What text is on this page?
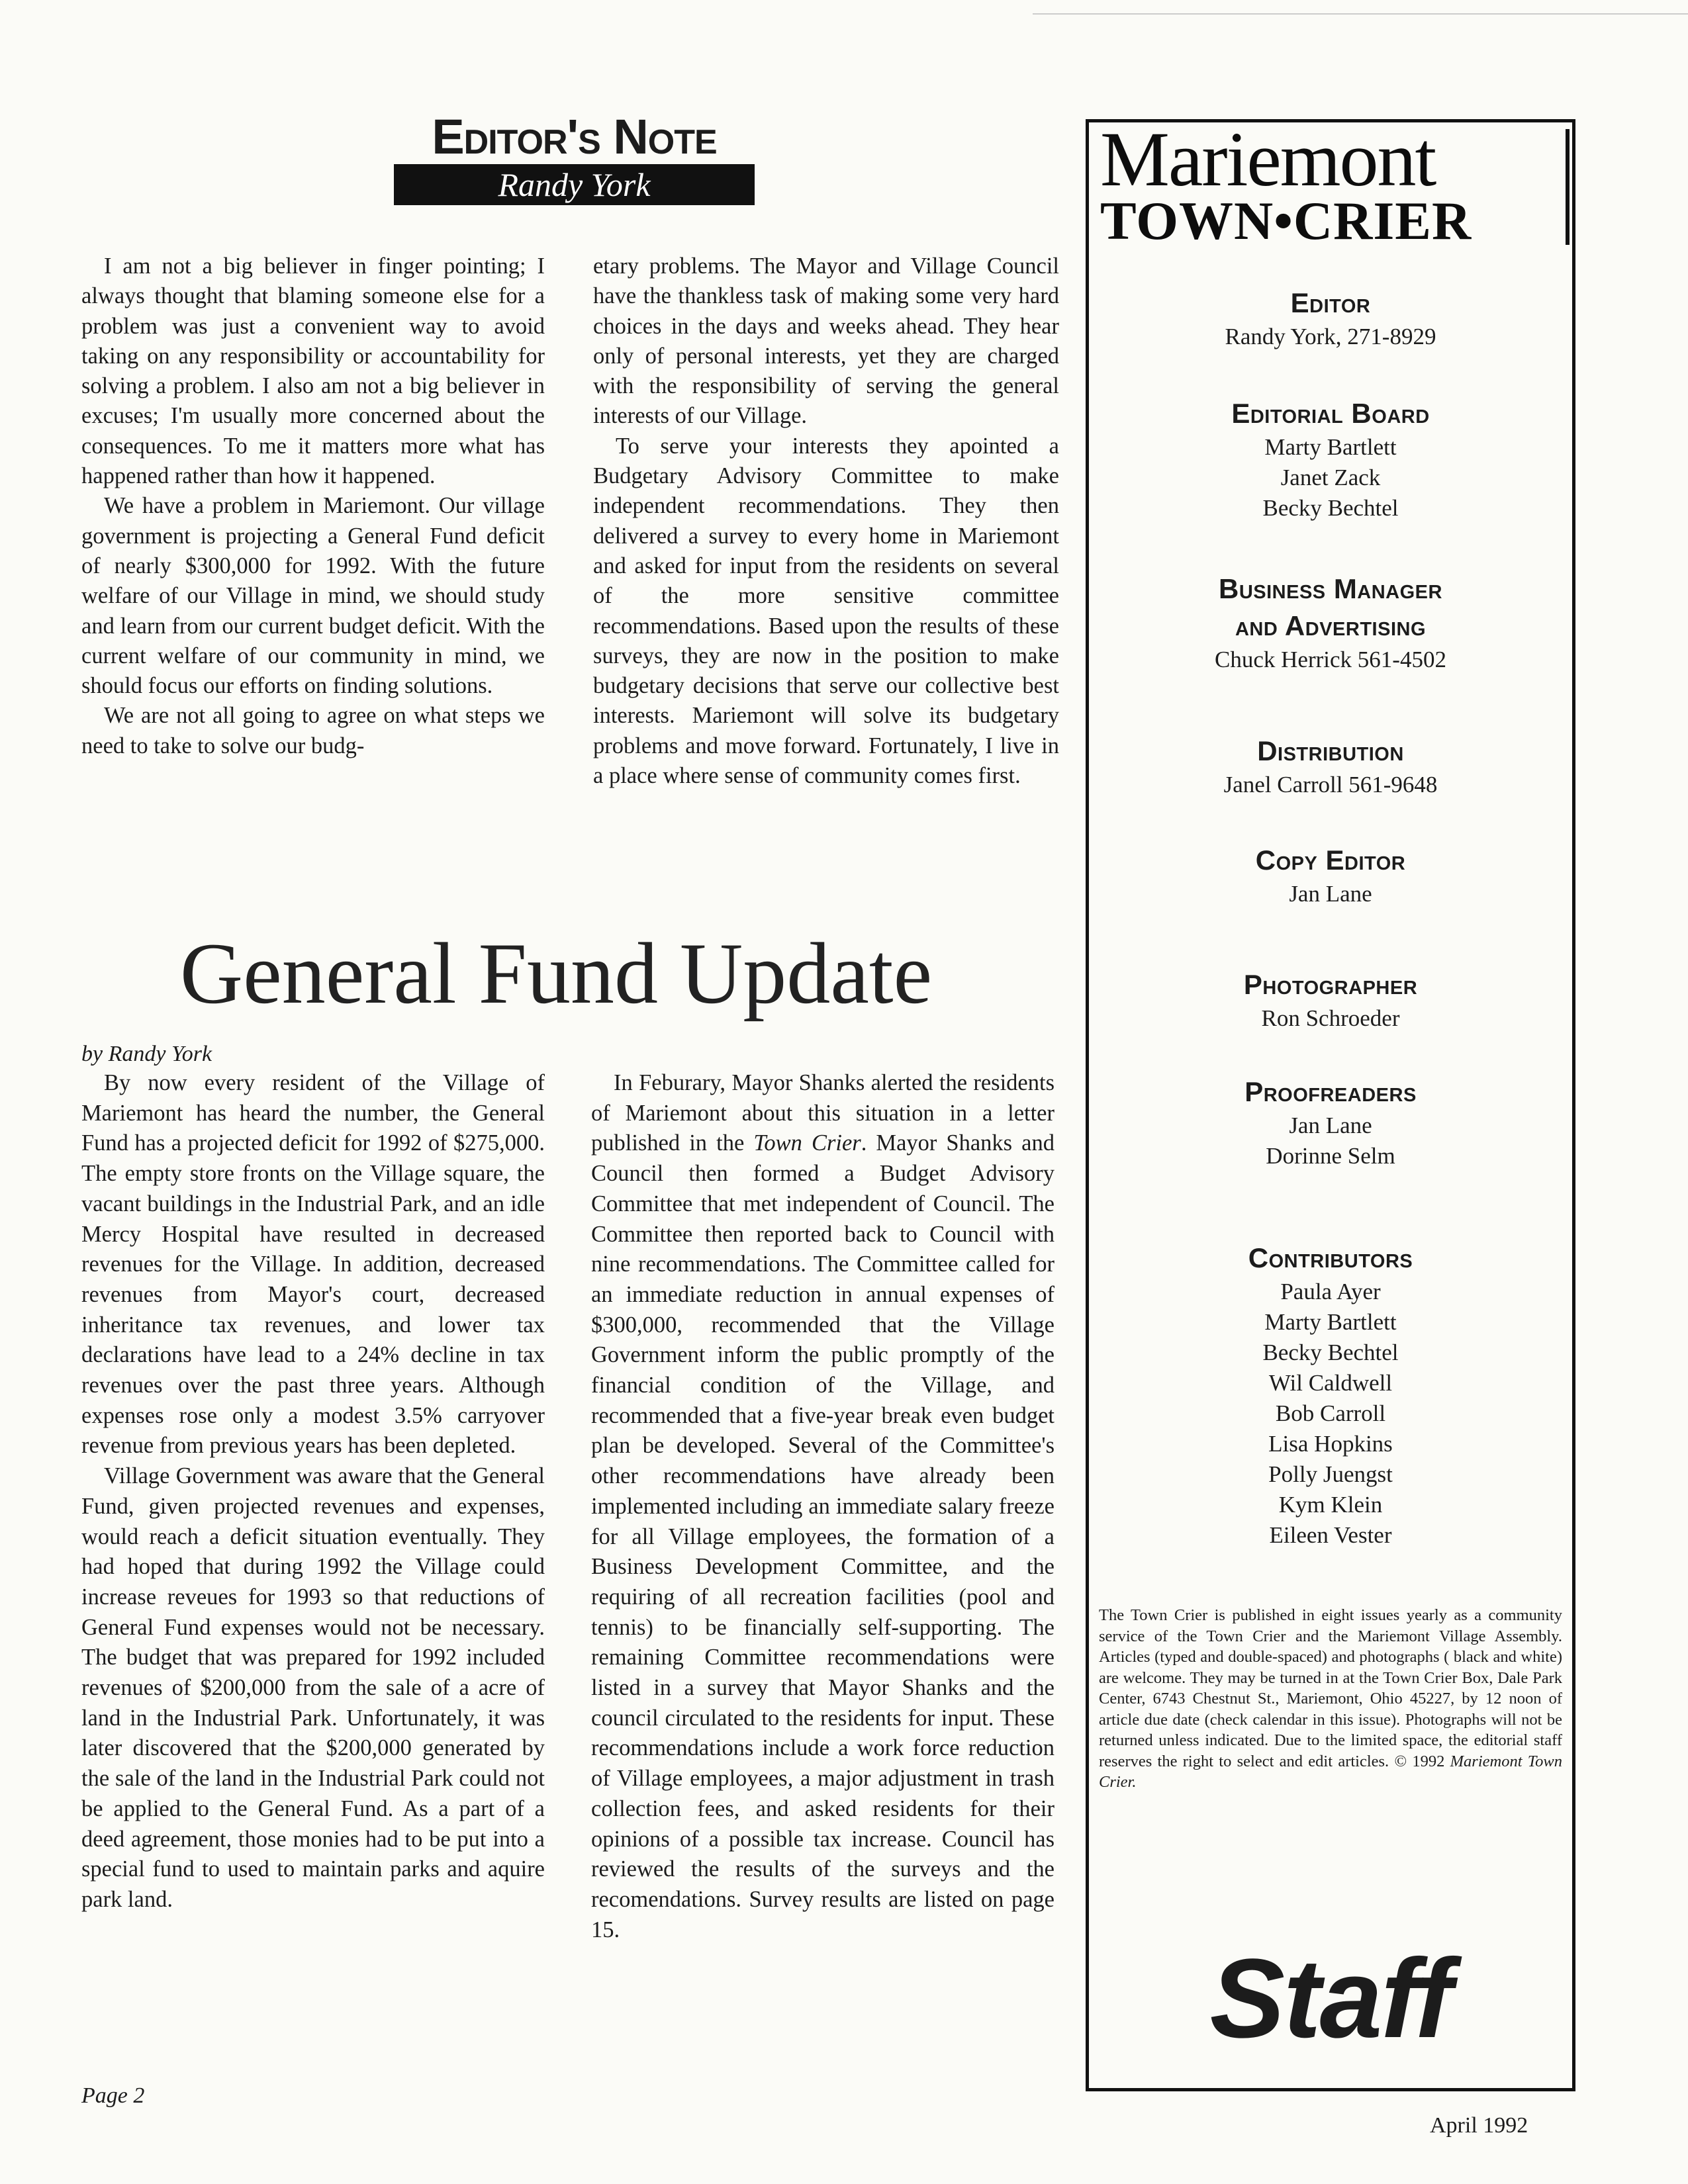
Editor's Note
Randy York

I am not a big believer in finger pointing; I always thought that blaming someone else for a problem was just a convenient way to avoid taking on any responsibility or accountability for solving a problem. I also am not a big believer in excuses; I'm usually more concerned about the consequences. To me it matters more what has happened rather than how it happened.

We have a problem in Mariemont. Our village government is projecting a General Fund deficit of nearly $300,000 for 1992. With the future welfare of our Village in mind, we should study and learn from our current budget deficit. With the current welfare of our community in mind, we should focus our efforts on finding solutions.

We are not all going to agree on what steps we need to take to solve our budg-

etary problems. The Mayor and Village Council have the thankless task of making some very hard choices in the days and weeks ahead. They hear only of personal interests, yet they are charged with the responsibility of serving the general interests of our Village.

To serve your interests they apointed a Budgetary Advisory Committee to make independent recommendations. They then delivered a survey to every home in Mariemont and asked for input from the residents on several of the more sensitive committee recommendations. Based upon the results of these surveys, they are now in the position to make budgetary decisions that serve our collective best interests. Mariemont will solve its budgetary problems and move forward. Fortunately, I live in a place where sense of community comes first.

General Fund Update
by Randy York

By now every resident of the Village of Mariemont has heard the number, the General Fund has a projected deficit for 1992 of $275,000. The empty store fronts on the Village square, the vacant buildings in the Industrial Park, and an idle Mercy Hospital have resulted in decreased revenues for the Village. In addition, decreased revenues from Mayor's court, decreased inheritance tax revenues, and lower tax declarations have lead to a 24% decline in tax revenues over the past three years. Although expenses rose only a modest 3.5% carryover revenue from previous years has been depleted.

Village Government was aware that the General Fund, given projected revenues and expenses, would reach a deficit situation eventually. They had hoped that during 1992 the Village could increase reveues for 1993 so that reductions of General Fund expenses would not be necessary. The budget that was prepared for 1992 included revenues of $200,000 from the sale of a acre of land in the Industrial Park. Unfortunately, it was later discovered that the $200,000 generated by the sale of the land in the Industrial Park could not be applied to the General Fund. As a part of a deed agreement, those monies had to be put into a special fund to used to maintain parks and aquire park land.

In Feburary, Mayor Shanks alerted the residents of Mariemont about this situation in a letter published in the Town Crier. Mayor Shanks and Council then formed a Budget Advisory Committee that met independent of Council. The Committee then reported back to Council with nine recommendations. The Committee called for an immediate reduction in annual expenses of $300,000, recommended that the Village Government inform the public promptly of the financial condition of the Village, and recommended that a five-year break even budget plan be developed. Several of the Committee's other recommendations have already been implemented including an immediate salary freeze for all Village employees, the formation of a Business Development Committee, and the requiring of all recreation facilities (pool and tennis) to be financially self-supporting. The remaining Committee recommendations were listed in a survey that Mayor Shanks and the council circulated to the residents for input. These recommendations include a work force reduction of Village employees, a major adjustment in trash collection fees, and asked residents for their opinions of a possible tax increase. Council has reviewed the results of the surveys and the recomendations. Survey results are listed on page 15.

Page 2
April 1992
Mariemont
TOWN•CRIER
Editor
Randy York, 271-8929
Editorial Board
Marty Bartlett
Janet Zack
Becky Bechtel
Business Manager
and Advertising
Chuck Herrick 561-4502
Distribution
Janel Carroll 561-9648
Copy Editor
Jan Lane
Photographer
Ron Schroeder
Proofreaders
Jan Lane
Dorinne Selm
Contributors
Paula Ayer
Marty Bartlett
Becky Bechtel
Wil Caldwell
Bob Carroll
Lisa Hopkins
Polly Juengst
Kym Klein
Eileen Vester
The Town Crier is published in eight issues yearly as a community service of the Town Crier and the Mariemont Village Assembly. Articles (typed and double-spaced) and photographs ( black and white) are welcome. They may be turned in at the Town Crier Box, Dale Park Center, 6743 Chestnut St., Mariemont, Ohio 45227, by 12 noon of article due date (check calendar in this issue). Photographs will not be returned unless indicated. Due to the limited space, the editorial staff reserves the right to select and edit articles. © 1992 Mariemont Town Crier.
Staff
